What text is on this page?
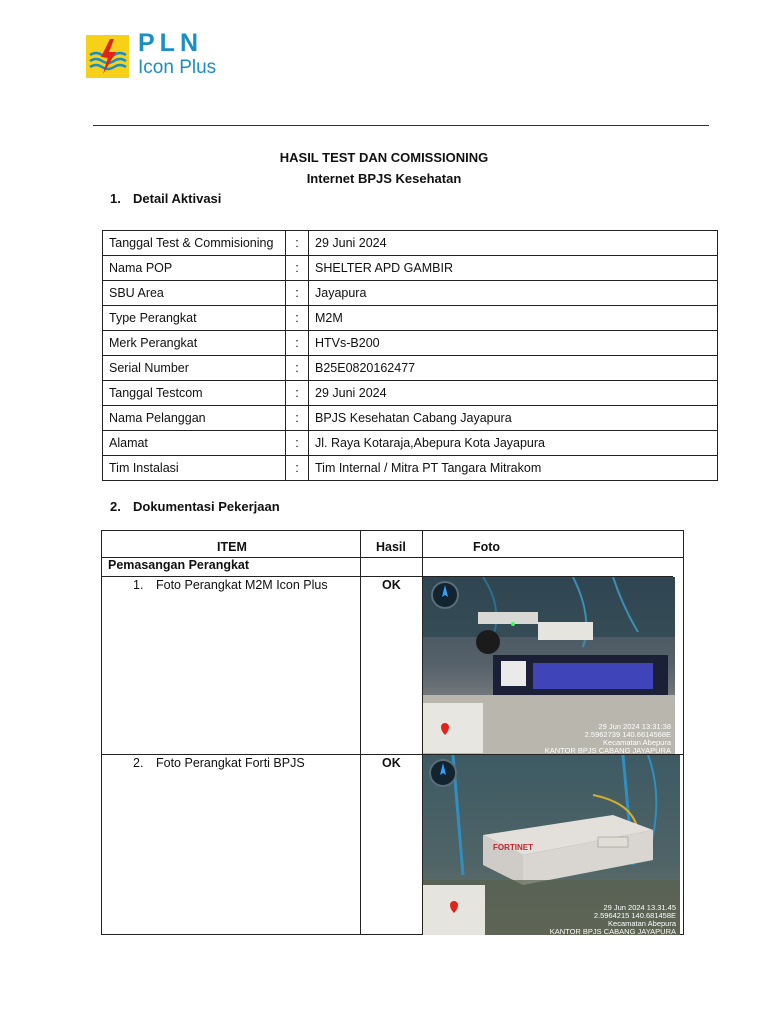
PLN
Icon Plus
HASIL TEST DAN COMISSIONING
Internet BPJS Kesehatan
1. Detail Aktivasi
Tanggal Test & Commisioning	:	29 Juni 2024
Nama POP	:	SHELTER APD GAMBIR
SBU Area	:	Jayapura
Type Perangkat	:	M2M
Merk Perangkat	:	HTVs-B200
Serial Number	:	B25E0820162477
Tanggal Testcom	:	29 Juni 2024
Nama Pelanggan	:	BPJS Kesehatan Cabang Jayapura
Alamat	:	Jl. Raya Kotaraja,Abepura Kota Jayapura
Tim Instalasi	:	Tim Internal / Mitra PT Tangara Mitrakom
2. Dokumentasi Pekerjaan
ITEM	Hasil	Foto
Pemasangan Perangkat
1. Foto Perangkat M2M Icon Plus	OK
29 Jun 2024 13:31:38
2.5962739 140.6614568E
Kecamatan Abepura
KANTOR BPJS CABANG JAYAPURA
2. Foto Perangkat Forti BPJS	OK
FORTINET
29 Jun 2024 13.31.45
2.5964215 140.681458E
Kecamatan Abepura
KANTOR BPJS CABANG JAYAPURA
